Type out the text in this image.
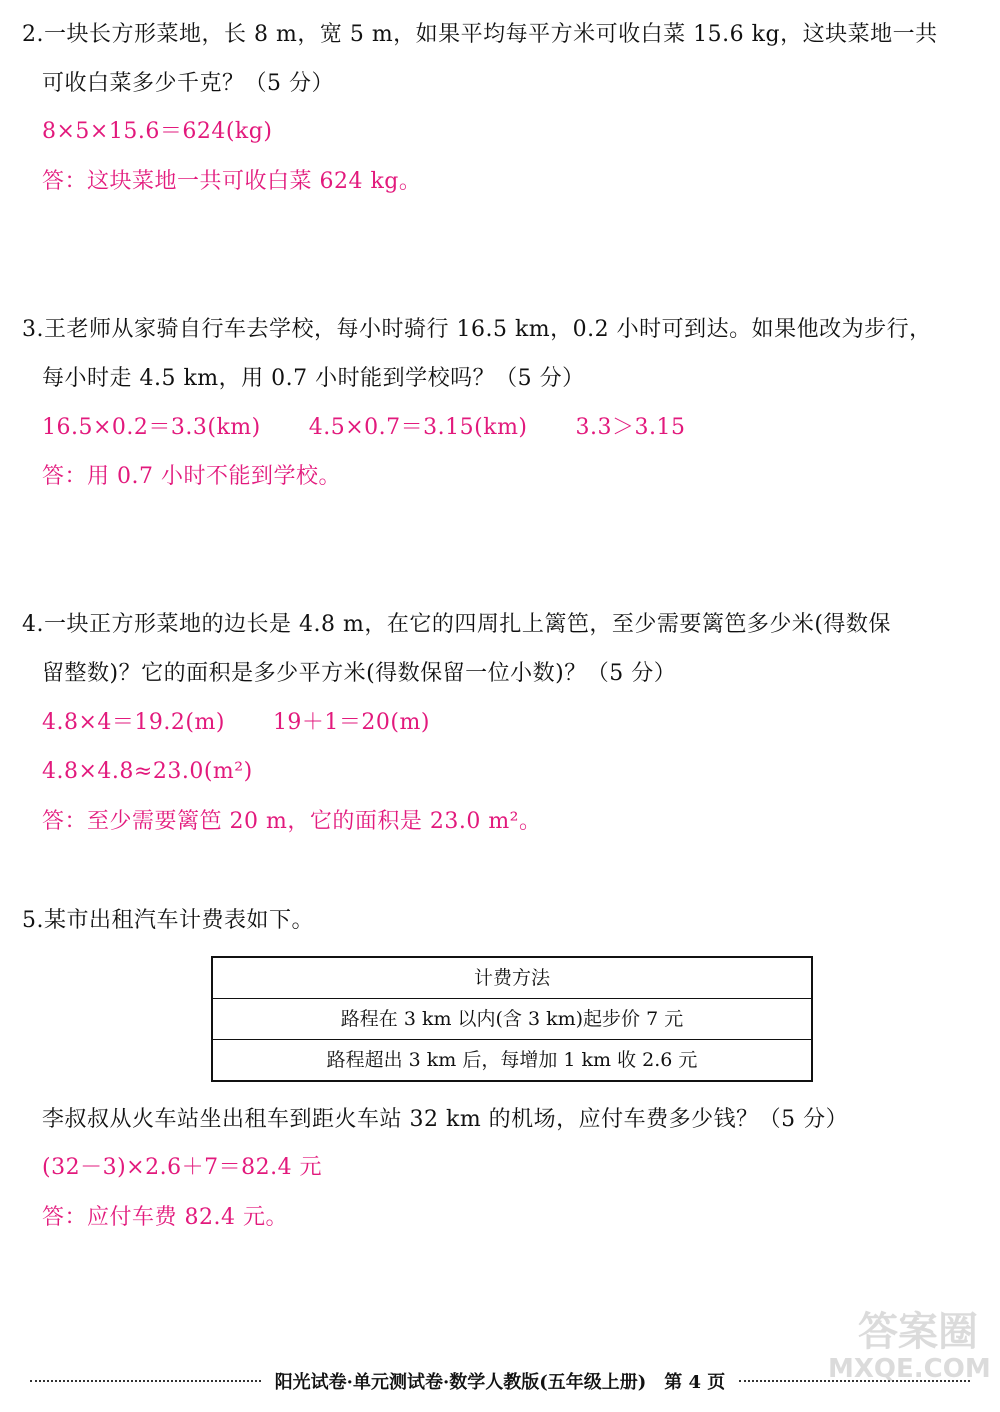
2.一块长方形菜地，长 8 m，宽 5 m，如果平均每平方米可收白菜 15.6 kg，这块菜地一共
可收白菜多少千克？（5 分）
8×5×15.6＝624(kg)
答：这块菜地一共可收白菜 624 kg。
3.王老师从家骑自行车去学校，每小时骑行 16.5 km，0.2 小时可到达。如果他改为步行，
每小时走 4.5 km，用 0.7 小时能到学校吗？（5 分）
16.5×0.2＝3.3(km) 4.5×0.7＝3.15(km) 3.3＞3.15
答：用 0.7 小时不能到学校。
4.一块正方形菜地的边长是 4.8 m，在它的四周扎上篱笆，至少需要篱笆多少米(得数保
留整数)？它的面积是多少平方米(得数保留一位小数)？（5 分）
4.8×4＝19.2(m) 19＋1＝20(m)
4.8×4.8≈23.0(m²)
答：至少需要篱笆 20 m，它的面积是 23.0 m²。
5.某市出租汽车计费表如下。
计费方法
路程在 3 km 以内(含 3 km)起步价 7 元
路程超出 3 km 后，每增加 1 km 收 2.6 元
李叔叔从火车站坐出租车到距火车站 32 km 的机场，应付车费多少钱？（5 分）
(32－3)×2.6＋7＝82.4 元
答：应付车费 82.4 元。
阳光试卷·单元测试卷·数学人教版(五年级上册)　第 4 页
答案圈
MXQE.COM
